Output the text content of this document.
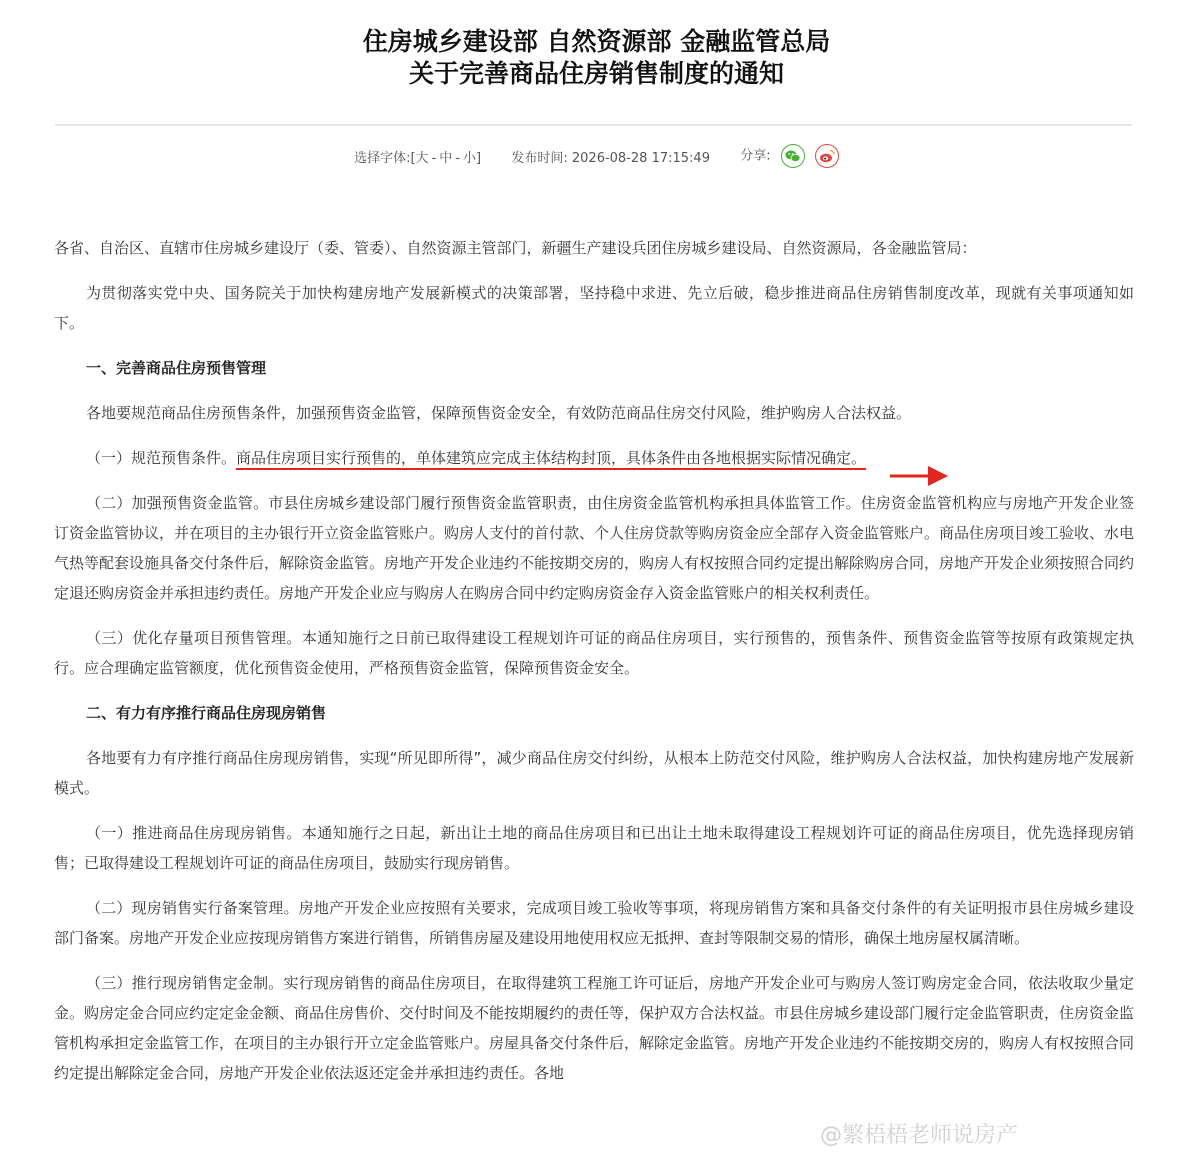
住房城乡建设部 自然资源部 金融监管总局
关于完善商品住房销售制度的通知
选择字体:[大 - 中 - 小] 发布时间: 2026-08-28 17:15:49 分享:

各省、自治区、直辖市住房城乡建设厅（委、管委）、自然资源主管部门，新疆生产建设兵团住房城乡建设局、自然资源局，各金融监管局：

为贯彻落实党中央、国务院关于加快构建房地产发展新模式的决策部署，坚持稳中求进、先立后破，稳步推进商品住房销售制度改革，现就有关事项通知如下。

一、完善商品住房预售管理

各地要规范商品住房预售条件，加强预售资金监管，保障预售资金安全，有效防范商品住房交付风险，维护购房人合法权益。

（一）规范预售条件。商品住房项目实行预售的，单体建筑应完成主体结构封顶，具体条件由各地根据实际情况确定。

（二）加强预售资金监管。市县住房城乡建设部门履行预售资金监管职责，由住房资金监管机构承担具体监管工作。住房资金监管机构应与房地产开发企业签订资金监管协议，并在项目的主办银行开立资金监管账户。购房人支付的首付款、个人住房贷款等购房资金应全部存入资金监管账户。商品住房项目竣工验收、水电气热等配套设施具备交付条件后，解除资金监管。房地产开发企业违约不能按期交房的，购房人有权按照合同约定提出解除购房合同，房地产开发企业须按照合同约定退还购房资金并承担违约责任。房地产开发企业应与购房人在购房合同中约定购房资金存入资金监管账户的相关权利责任。

（三）优化存量项目预售管理。本通知施行之日前已取得建设工程规划许可证的商品住房项目，实行预售的，预售条件、预售资金监管等按原有政策规定执行。应合理确定监管额度，优化预售资金使用，严格预售资金监管，保障预售资金安全。

二、有力有序推行商品住房现房销售

各地要有力有序推行商品住房现房销售，实现“所见即所得”，减少商品住房交付纠纷，从根本上防范交付风险，维护购房人合法权益，加快构建房地产发展新模式。

（一）推进商品住房现房销售。本通知施行之日起，新出让土地的商品住房项目和已出让土地未取得建设工程规划许可证的商品住房项目，优先选择现房销售；已取得建设工程规划许可证的商品住房项目，鼓励实行现房销售。

（二）现房销售实行备案管理。房地产开发企业应按照有关要求，完成项目竣工验收等事项，将现房销售方案和具备交付条件的有关证明报市县住房城乡建设部门备案。房地产开发企业应按现房销售方案进行销售，所销售房屋及建设用地使用权应无抵押、查封等限制交易的情形，确保土地房屋权属清晰。

（三）推行现房销售定金制。实行现房销售的商品住房项目，在取得建筑工程施工许可证后，房地产开发企业可与购房人签订购房定金合同，依法收取少量定金。购房定金合同应约定定金金额、商品住房售价、交付时间及不能按期履约的责任等，保护双方合法权益。市县住房城乡建设部门履行定金监管职责，住房资金监管机构承担定金监管工作，在项目的主办银行开立定金监管账户。房屋具备交付条件后，解除定金监管。房地产开发企业违约不能按期交房的，购房人有权按照合同约定提出解除定金合同，房地产开发企业依法返还定金并承担违约责任。各地

@繁梧梧老师说房产
